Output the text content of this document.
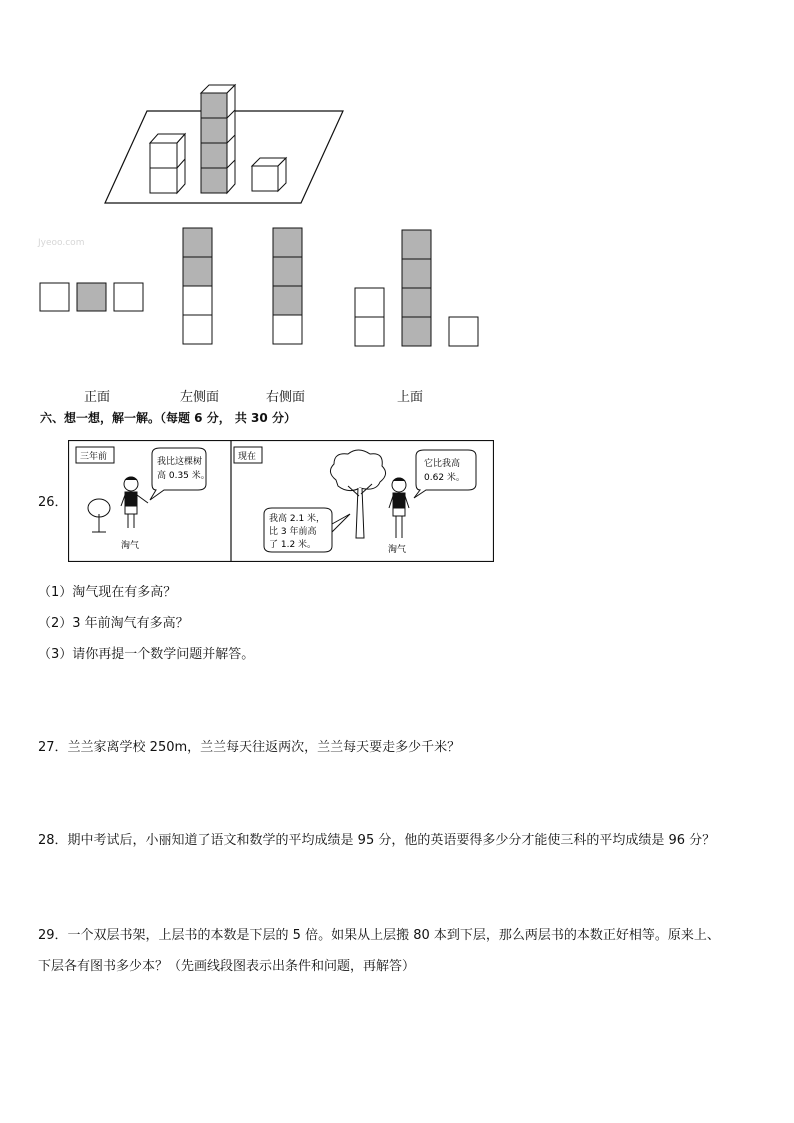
Jyeoo.com
正面	左侧面	右侧面	上面
六、想一想，解一解。（每题 6 分， 共 30 分）
26．
三年前
淘气
我比这棵树
高 0.35 米。
现在
淘气
它比我高
0.62 米。
我高 2.1 米，
比 3 年前高
了 1.2 米。
（1）淘气现在有多高？
（2）3 年前淘气有多高？
（3）请你再提一个数学问题并解答。
27．兰兰家离学校 250m，兰兰每天往返两次，兰兰每天要走多少千米？
28．期中考试后，小丽知道了语文和数学的平均成绩是 95 分，他的英语要得多少分才能使三科的平均成绩是 96 分？
29．一个双层书架，上层书的本数是下层的 5 倍。如果从上层搬 80 本到下层，那么两层书的本数正好相等。原来上、
下层各有图书多少本？（先画线段图表示出条件和问题，再解答）
